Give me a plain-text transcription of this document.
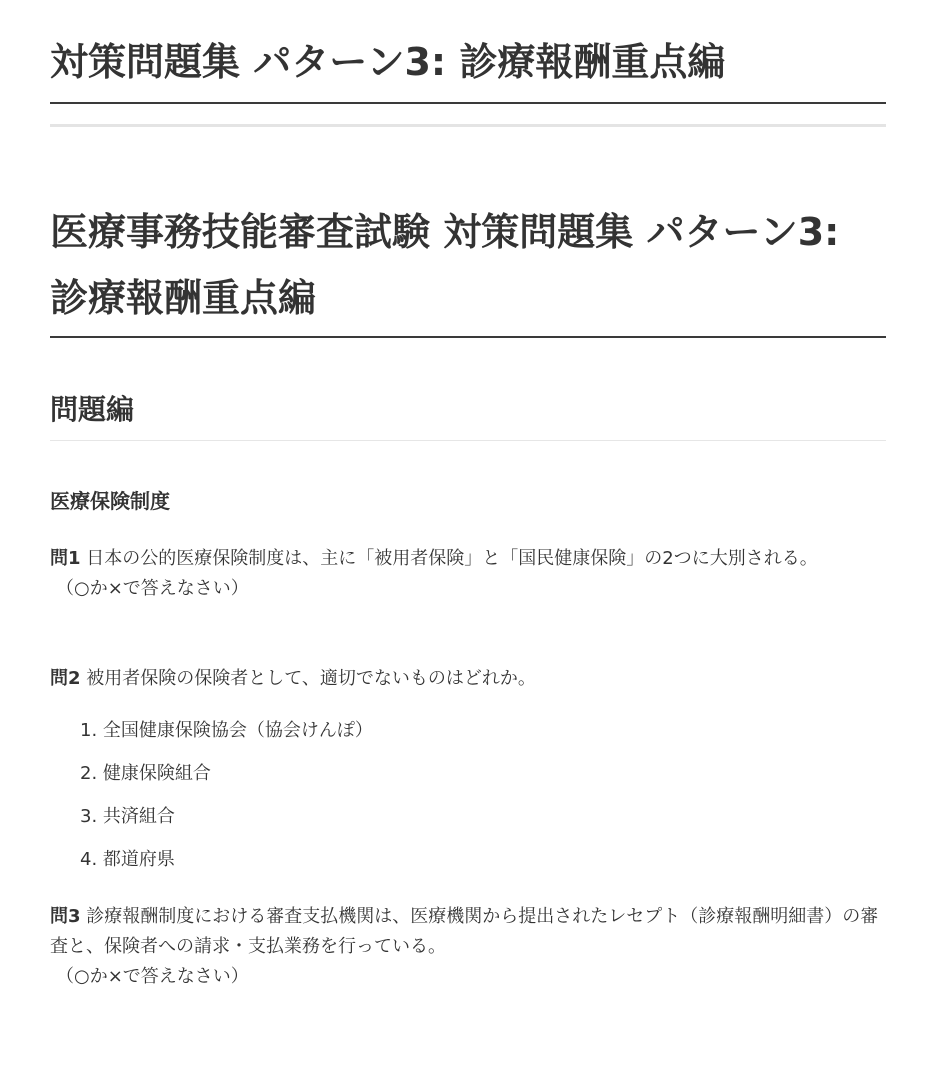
対策問題集 パターン3: 診療報酬重点編
医療事務技能審査試験 対策問題集 パターン3: 診療報酬重点編
問題編
医療保険制度
問1 日本の公的医療保険制度は、主に「被用者保険」と「国民健康保険」の2つに大別される。
（○か×で答えなさい）
問2 被用者保険の保険者として、適切でないものはどれか。
1. 全国健康保険協会（協会けんぽ）
2. 健康保険組合
3. 共済組合
4. 都道府県
問3 診療報酬制度における審査支払機関は、医療機関から提出されたレセプト（診療報酬明細書）の審査と、保険者への請求・支払業務を行っている。
（○か×で答えなさい）
